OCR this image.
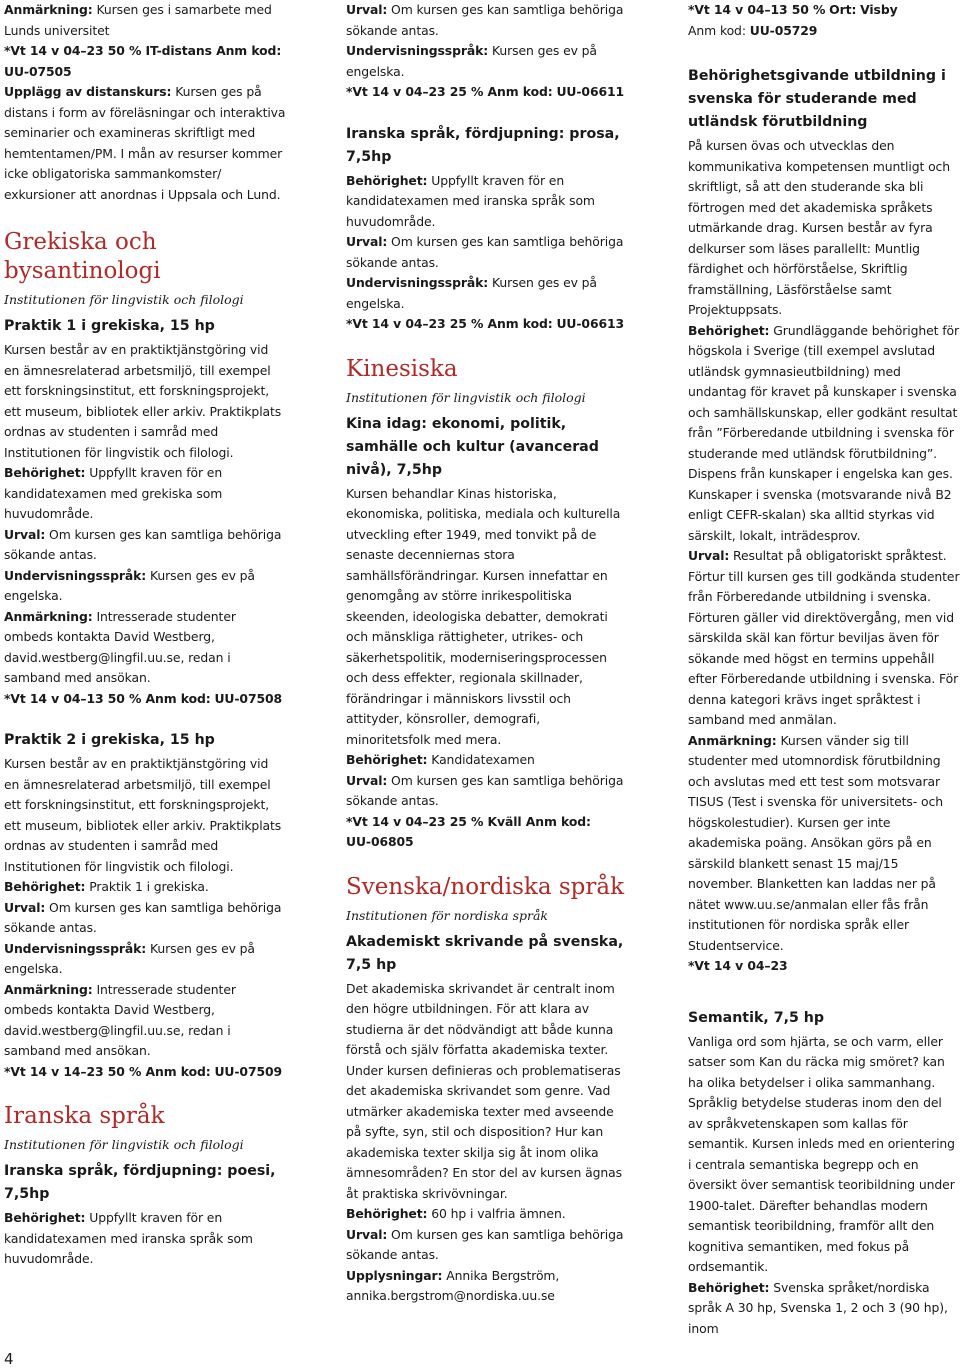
Anmärkning: Kursen ges i samarbete med Lunds universitet
*Vt 14 v 04–23 50 % IT-distans Anm kod:
UU-07505
Upplägg av distanskurs: Kursen ges på distans i form av föreläsningar och interaktiva seminarier och examineras skriftligt med hemtentamen/PM. I mån av resurser kommer icke obligatoriska sammankomster/ exkursioner att anordnas i Uppsala och Lund.

Grekiska och bysantinologi

Institutionen för lingvistik och filologi

Praktik 1 i grekiska, 15 hp

Kursen består av en praktiktjänstgöring vid en ämnesrelaterad arbetsmiljö, till exempel ett forskningsinstitut, ett forskningsprojekt, ett museum, bibliotek eller arkiv. Praktikplats ordnas av studenten i samråd med Institutionen för lingvistik och filologi.
Behörighet: Uppfyllt kraven för en kandidatexamen med grekiska som huvudområde.
Urval: Om kursen ges kan samtliga behöriga sökande antas.
Undervisningsspråk: Kursen ges ev på engelska.
Anmärkning: Intresserade studenter ombeds kontakta David Westberg, david.westberg@lingfil.uu.se, redan i samband med ansökan.
*Vt 14 v 04–13 50 % Anm kod: UU-07508

Praktik 2 i grekiska, 15 hp

Kursen består av en praktiktjänstgöring vid en ämnesrelaterad arbetsmiljö, till exempel ett forskningsinstitut, ett forskningsprojekt, ett museum, bibliotek eller arkiv. Praktikplats ordnas av studenten i samråd med Institutionen för lingvistik och filologi.
Behörighet: Praktik 1 i grekiska.
Urval: Om kursen ges kan samtliga behöriga sökande antas.
Undervisningsspråk: Kursen ges ev på engelska.
Anmärkning: Intresserade studenter ombeds kontakta David Westberg, david.westberg@lingfil.uu.se, redan i samband med ansökan.
*Vt 14 v 14–23 50 % Anm kod: UU-07509

Iranska språk

Institutionen för lingvistik och filologi

Iranska språk, fördjupning: poesi, 7,5hp

Behörighet: Uppfyllt kraven för en kandidatexamen med iranska språk som huvudområde.

Urval: Om kursen ges kan samtliga behöriga sökande antas.
Undervisningsspråk: Kursen ges ev på engelska.
*Vt 14 v 04–23 25 % Anm kod: UU-06611

Iranska språk, fördjupning: prosa, 7,5hp

Behörighet: Uppfyllt kraven för en kandidatexamen med iranska språk som huvudområde.
Urval: Om kursen ges kan samtliga behöriga sökande antas.
Undervisningsspråk: Kursen ges ev på engelska.
*Vt 14 v 04–23 25 % Anm kod: UU-06613

Kinesiska

Institutionen för lingvistik och filologi

Kina idag: ekonomi, politik, samhälle och kultur (avancerad nivå), 7,5hp

Kursen behandlar Kinas historiska, ekonomiska, politiska, mediala och kulturella utveckling efter 1949, med tonvikt på de senaste decenniernas stora samhällsförändringar. Kursen innefattar en genomgång av större inrikespolitiska skeenden, ideologiska debatter, demokrati och mänskliga rättigheter, utrikes- och säkerhetspolitik, moderniseringsprocessen och dess effekter, regionala skillnader, förändringar i människors livsstil och attityder, könsroller, demografi, minoritetsfolk med mera.
Behörighet: Kandidatexamen
Urval: Om kursen ges kan samtliga behöriga sökande antas.
*Vt 14 v 04–23 25 % Kväll Anm kod:
UU-06805

Svenska/nordiska språk

Institutionen för nordiska språk

Akademiskt skrivande på svenska, 7,5 hp

Det akademiska skrivandet är centralt inom den högre utbildningen. För att klara av studierna är det nödvändigt att både kunna förstå och själv författa akademiska texter. Under kursen definieras och problematiseras det akademiska skrivandet som genre. Vad utmärker akademiska texter med avseende på syfte, syn, stil och disposition? Hur kan akademiska texter skilja sig åt inom olika ämnesområden? En stor del av kursen ägnas åt praktiska skrivövningar.
Behörighet: 60 hp i valfria ämnen.
Urval: Om kursen ges kan samtliga behöriga sökande antas.
Upplysningar: Annika Bergström, annika.bergstrom@nordiska.uu.se

*Vt 14 v 04–13 50 % Ort: Visby
Anm kod: UU-05729

Behörighetsgivande utbildning i svenska för studerande med utländsk förutbildning

På kursen övas och utvecklas den kommunikativa kompetensen muntligt och skriftligt, så att den studerande ska bli förtrogen med det akademiska språkets utmärkande drag. Kursen består av fyra delkurser som läses parallellt: Muntlig färdighet och hörförståelse, Skriftlig framställning, Läsförståelse samt Projektuppsats.
Behörighet: Grundläggande behörighet för högskola i Sverige (till exempel avslutad utländsk gymnasieutbildning) med undantag för kravet på kunskaper i svenska och samhällskunskap, eller godkänt resultat från ”Förberedande utbildning i svenska för studerande med utländsk förutbildning”. Dispens från kunskaper i engelska kan ges. Kunskaper i svenska (motsvarande nivå B2 enligt CEFR-skalan) ska alltid styrkas vid särskilt, lokalt, inträdesprov.
Urval: Resultat på obligatoriskt språktest. Förtur till kursen ges till godkända studenter från Förberedande utbildning i svenska. Förturen gäller vid direktövergång, men vid särskilda skäl kan förtur beviljas även för sökande med högst en termins uppehåll efter Förberedande utbildning i svenska. För denna kategori krävs inget språktest i samband med anmälan.
Anmärkning: Kursen vänder sig till studenter med utomnordisk förutbildning och avslutas med ett test som motsvarar TISUS (Test i svenska för universitets- och högskolestudier). Kursen ger inte akademiska poäng. Ansökan görs på en särskild blankett senast 15 maj/15 november. Blanketten kan laddas ner på nätet www.uu.se/anmalan eller fås från institutionen för nordiska språk eller Studentservice.
*Vt 14 v 04–23

Semantik, 7,5 hp

Vanliga ord som hjärta, se och varm, eller satser som Kan du räcka mig smöret? kan ha olika betydelser i olika sammanhang. Språklig betydelse studeras inom den del av språkvetenskapen som kallas för semantik. Kursen inleds med en orientering i centrala semantiska begrepp och en översikt över semantisk teoribildning under 1900-talet. Därefter behandlas modern semantisk teoribildning, framför allt den kognitiva semantiken, med fokus på ordsemantik.
Behörighet: Svenska språket/nordiska språk A 30 hp, Svenska 1, 2 och 3 (90 hp), inom

4
